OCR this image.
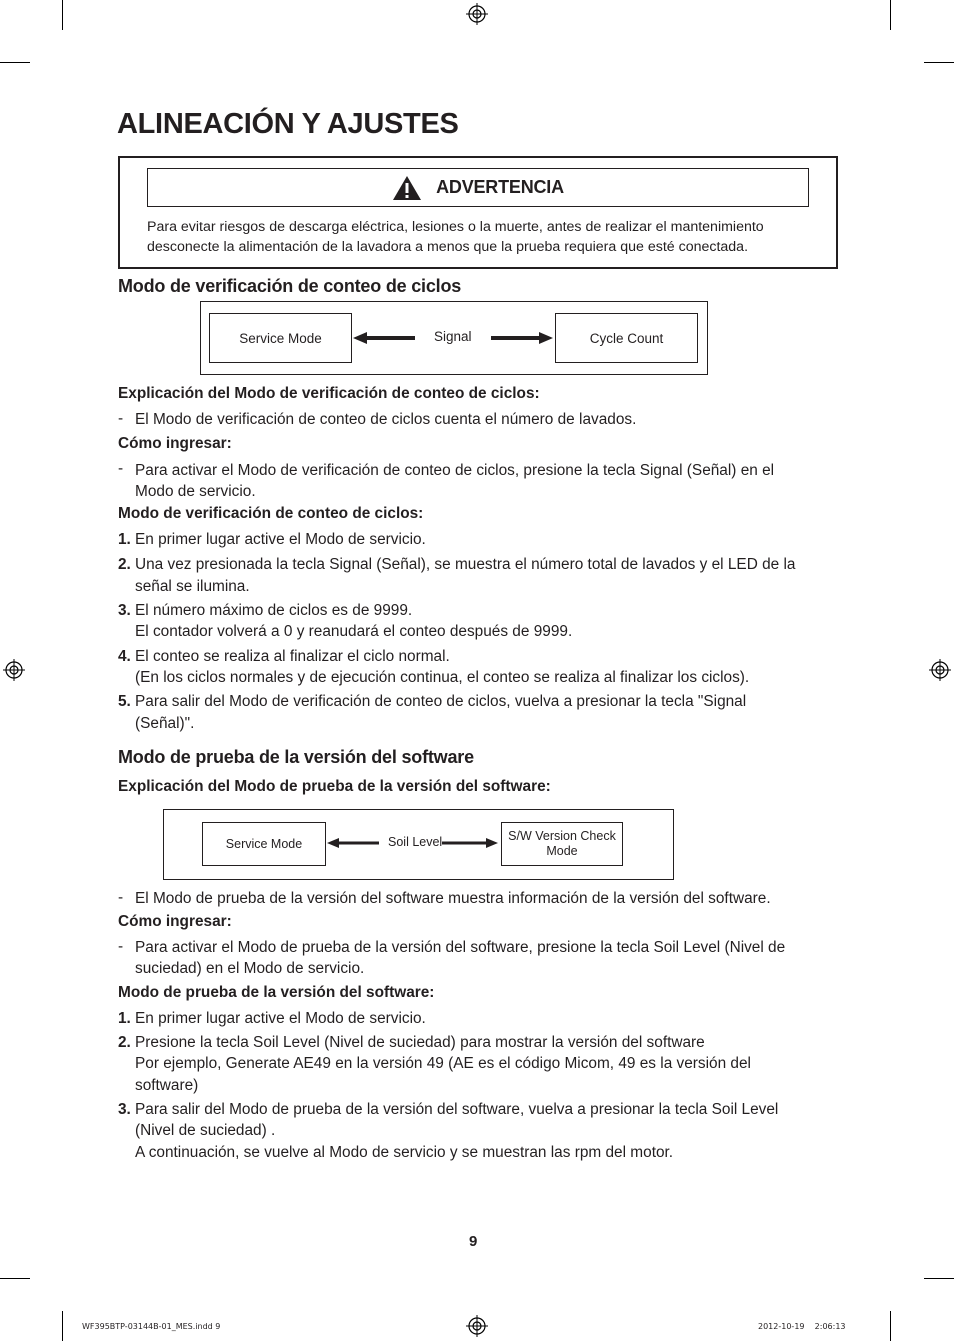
ALINEACIÓN Y AJUSTES
ADVERTENCIA
Para evitar riesgos de descarga eléctrica, lesiones o la muerte, antes de realizar el mantenimiento desconecte la alimentación de la lavadora a menos que la prueba requiera que esté conectada.
Modo de verificación de conteo de ciclos
Service Mode	Signal	Cycle Count
Explicación del Modo de verificación de conteo de ciclos:
- El Modo de verificación de conteo de ciclos cuenta el número de lavados.
Cómo ingresar:
- Para activar el Modo de verificación de conteo de ciclos, presione la tecla Signal (Señal) en el
Modo de servicio.
Modo de verificación de conteo de ciclos:
1. En primer lugar active el Modo de servicio.
2. Una vez presionada la tecla Signal (Señal), se muestra el número total de lavados y el LED de la
señal se ilumina.
3. El número máximo de ciclos es de 9999.
El contador volverá a 0 y reanudará el conteo después de 9999.
4. El conteo se realiza al finalizar el ciclo normal.
(En los ciclos normales y de ejecución continua, el conteo se realiza al finalizar los ciclos).
5. Para salir del Modo de verificación de conteo de ciclos, vuelva a presionar la tecla "Signal
(Señal)".
Modo de prueba de la versión del software
Explicación del Modo de prueba de la versión del software:
Service Mode	Soil Level	S/W Version Check
Mode
- El Modo de prueba de la versión del software muestra información de la versión del software.
Cómo ingresar:
- Para activar el Modo de prueba de la versión del software, presione la tecla Soil Level (Nivel de
suciedad) en el Modo de servicio.
Modo de prueba de la versión del software:
1. En primer lugar active el Modo de servicio.
2. Presione la tecla Soil Level (Nivel de suciedad) para mostrar la versión del software
Por ejemplo, Generate AE49 en la versión 49 (AE es el código Micom, 49 es la versión del
software)
3. Para salir del Modo de prueba de la versión del software, vuelva a presionar la tecla Soil Level
(Nivel de suciedad) .
A continuación, se vuelve al Modo de servicio y se muestran las rpm del motor.
9
WF395BTP-03144B-01_MES.indd 9	2012-10-19    2:06:13
